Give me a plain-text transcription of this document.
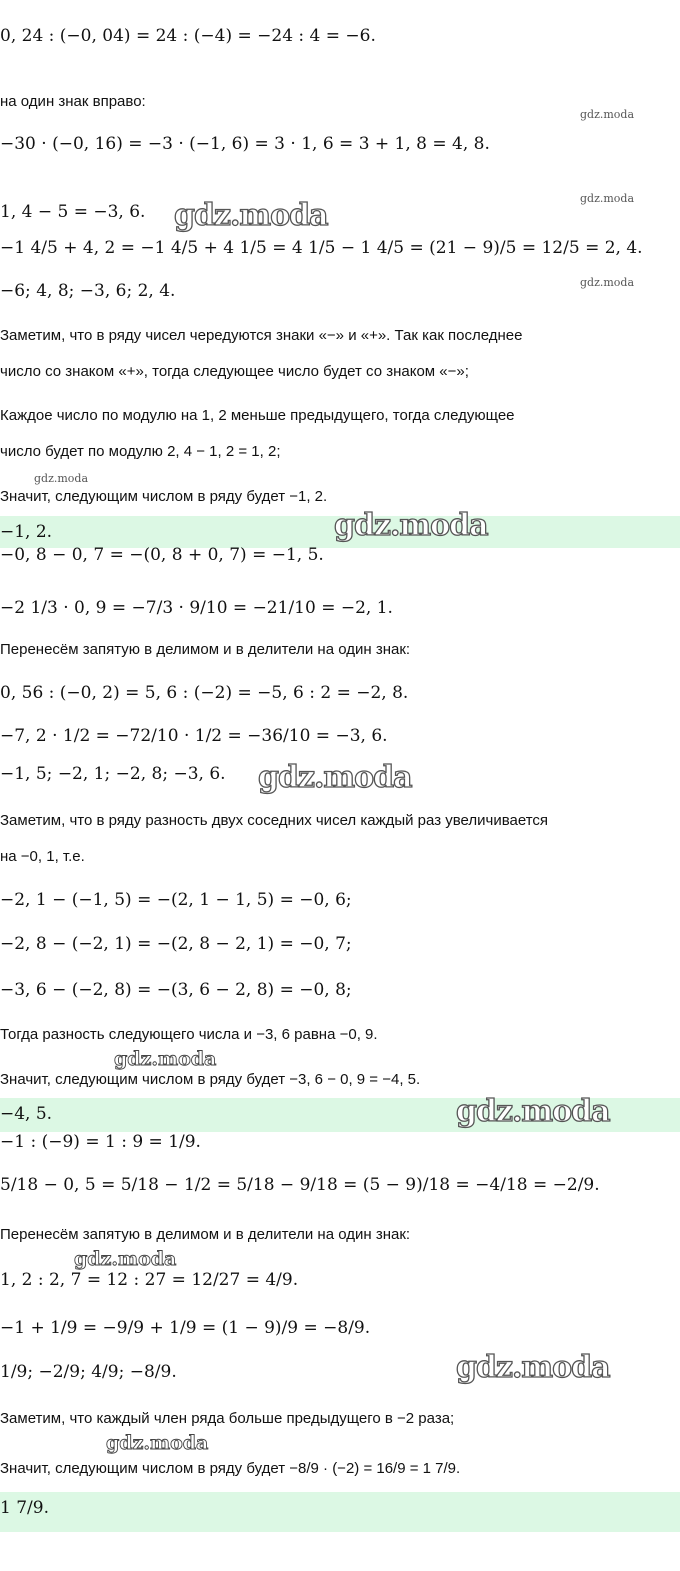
0, 24 : (−0, 04) = 24 : (−4) = −24 : 4 = −6.
на один знак вправо:
−30 · (−0, 16) = −3 · (−1, 6) = 3 · 1, 6 = 3 + 1, 8 = 4, 8.
1, 4 − 5 = −3, 6.
−1 4/5 + 4, 2 = −1 4/5 + 4 1/5 = 4 1/5 − 1 4/5 = (21 − 9)/5 = 12/5 = 2, 4.
−6; 4, 8; −3, 6; 2, 4.
Заметим, что в ряду чисел чередуются знаки «−» и «+». Так как последнее
число со знаком «+», тогда следующее число будет со знаком «−»;
Каждое число по модулю на 1, 2 меньше предыдущего, тогда следующее
число будет по модулю 2, 4 − 1, 2 = 1, 2;
Значит, следующим числом в ряду будет −1, 2.
−1, 2.
−0, 8 − 0, 7 = −(0, 8 + 0, 7) = −1, 5.
−2 1/3 · 0, 9 = −7/3 · 9/10 = −21/10 = −2, 1.
Перенесём запятую в делимом и в делители на один знак:
0, 56 : (−0, 2) = 5, 6 : (−2) = −5, 6 : 2 = −2, 8.
−7, 2 · 1/2 = −72/10 · 1/2 = −36/10 = −3, 6.
−1, 5; −2, 1; −2, 8; −3, 6.
Заметим, что в ряду разность двух соседних чисел каждый раз увеличивается
на −0, 1, т.е.
−2, 1 − (−1, 5) = −(2, 1 − 1, 5) = −0, 6;
−2, 8 − (−2, 1) = −(2, 8 − 2, 1) = −0, 7;
−3, 6 − (−2, 8) = −(3, 6 − 2, 8) = −0, 8;
Тогда разность следующего числа и −3, 6 равна −0, 9.
Значит, следующим числом в ряду будет −3, 6 − 0, 9 = −4, 5.
−4, 5.
−1 : (−9) = 1 : 9 = 1/9.
5/18 − 0, 5 = 5/18 − 1/2 = 5/18 − 9/18 = (5 − 9)/18 = −4/18 = −2/9.
Перенесём запятую в делимом и в делители на один знак:
1, 2 : 2, 7 = 12 : 27 = 12/27 = 4/9.
−1 + 1/9 = −9/9 + 1/9 = (1 − 9)/9 = −8/9.
1/9; −2/9; 4/9; −8/9.
Заметим, что каждый член ряда больше предыдущего в −2 раза;
Значит, следующим числом в ряду будет −8/9 · (−2) = 16/9 = 1 7/9.
1 7/9.
gdz.moda
gdz.moda
gdz.moda
gdz.moda
gdz.moda
gdz.moda
gdz.moda
gdz.moda
gdz.moda
gdz.moda
gdz.moda
gdz.moda
